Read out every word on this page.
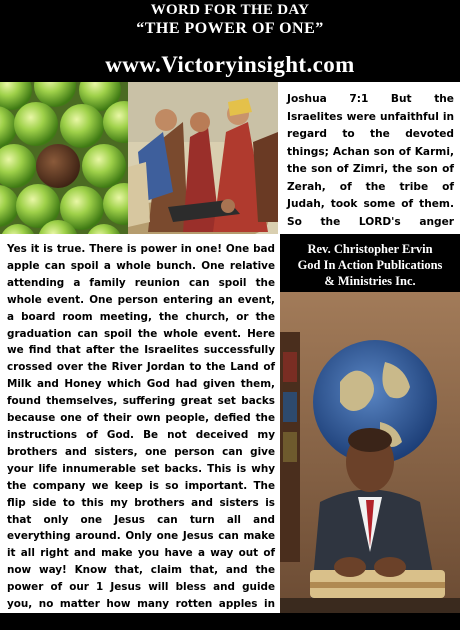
WORD FOR THE DAY
“THE POWER OF ONE”
www.Victoryinsight.com
Joshua 7:1 But the Israelites were unfaithful in regard to the devoted things; Achan son of Karmi, the son of Zimri, the son of Zerah, of the tribe of Judah, took some of them. So the LORD's anger
Yes it is true. There is power in one! One bad apple can spoil a whole bunch. One relative attending a family reunion can spoil the whole event. One person entering an event, a board room meeting, the church, or the graduation can spoil the whole event. Here we find that after the Israelites successfully crossed over the River Jordan to the Land of Milk and Honey which God had given them, found themselves, suffering great set backs because one of their own people, defied the instructions of God. Be not deceived my brothers and sisters, one person can give your life innumerable set backs. This is why the company we keep is so important. The flip side to this my brothers and sisters is that only one Jesus can turn all and everything around. Only one Jesus can make it all right and make you have a way out of now way! Know that, claim that, and the power of our 1 Jesus will bless and guide you, no matter how many rotten apples in your bunch! Be Blessed!
Rev. Christopher Ervin
God In Action Publications
& Ministries Inc.
